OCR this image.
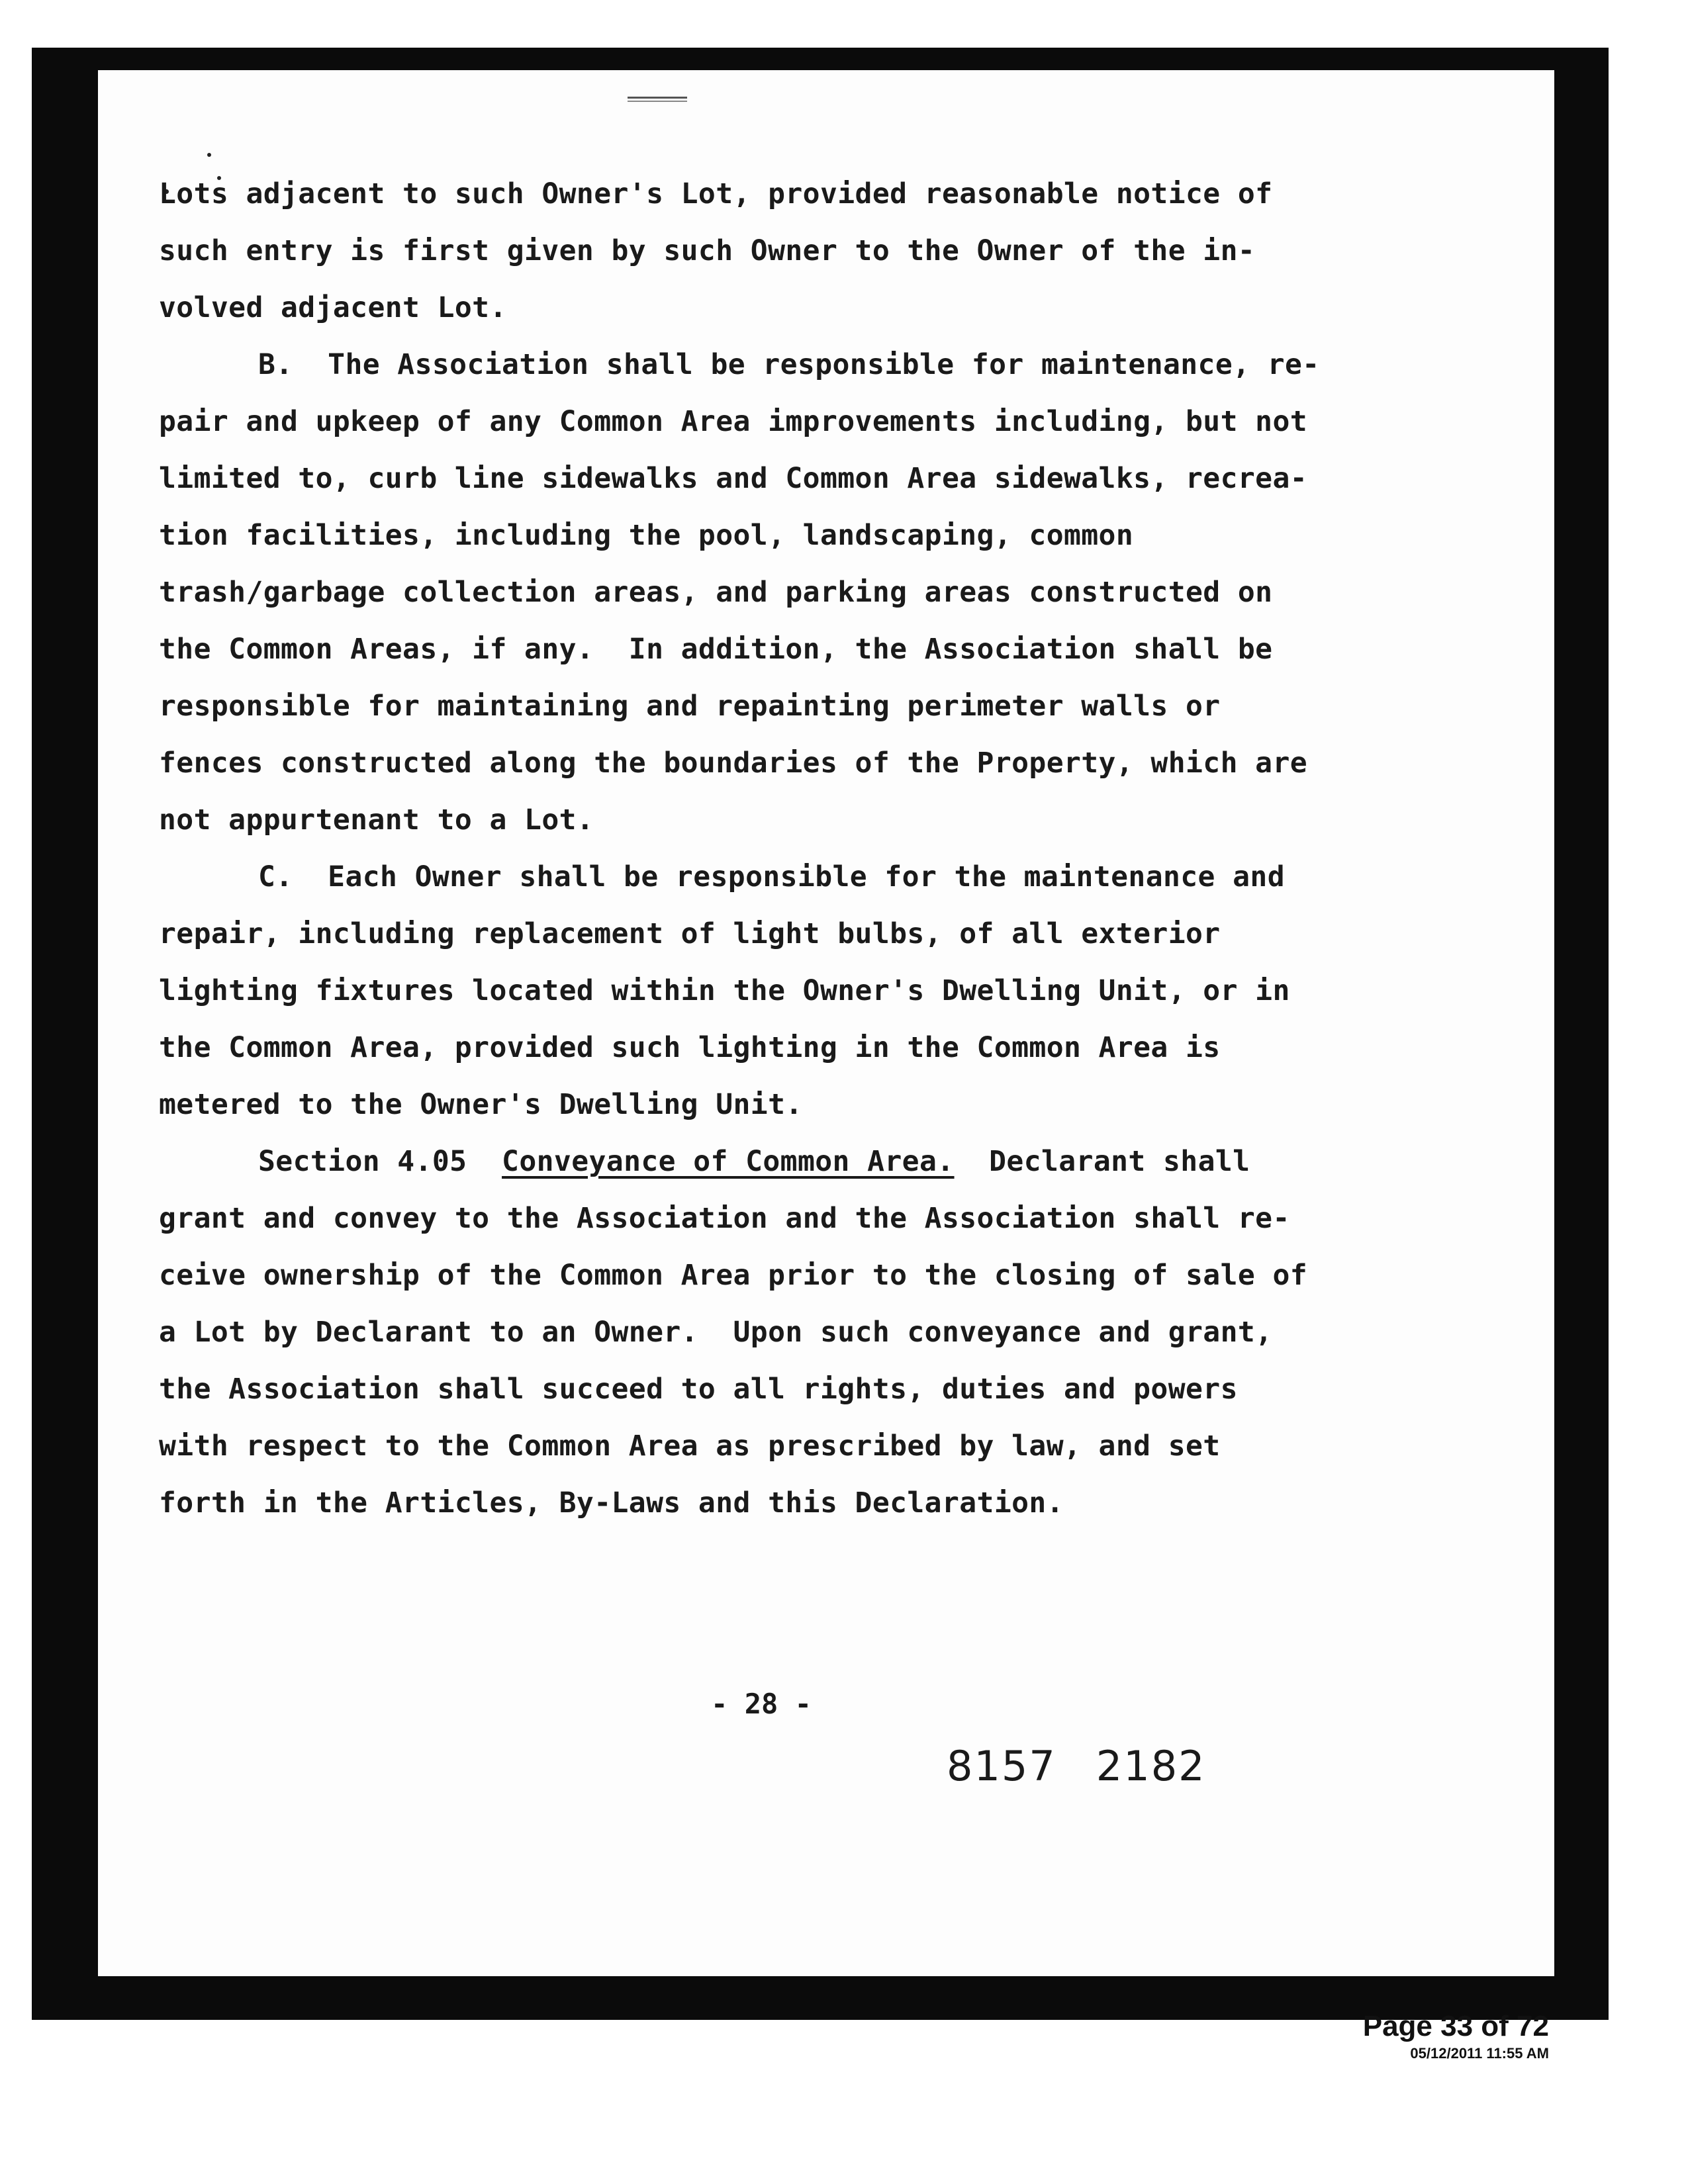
Lots adjacent to such Owner's Lot, provided reasonable notice of
such entry is first given by such Owner to the Owner of the in-
volved adjacent Lot.
B.  The Association shall be responsible for maintenance, re-
pair and upkeep of any Common Area improvements including, but not
limited to, curb line sidewalks and Common Area sidewalks, recrea-
tion facilities, including the pool, landscaping, common
trash/garbage collection areas, and parking areas constructed on
the Common Areas, if any.  In addition, the Association shall be
responsible for maintaining and repainting perimeter walls or
fences constructed along the boundaries of the Property, which are
not appurtenant to a Lot.
C.  Each Owner shall be responsible for the maintenance and
repair, including replacement of light bulbs, of all exterior
lighting fixtures located within the Owner's Dwelling Unit, or in
the Common Area, provided such lighting in the Common Area is
metered to the Owner's Dwelling Unit.
Section 4.05 Conveyance of Common Area. Declarant shall
grant and convey to the Association and the Association shall re-
ceive ownership of the Common Area prior to the closing of sale of
a Lot by Declarant to an Owner.  Upon such conveyance and grant,
the Association shall succeed to all rights, duties and powers
with respect to the Common Area as prescribed by law, and set
forth in the Articles, By-Laws and this Declaration.
- 28 -
8157 2182
Page 33 of 72
05/12/2011 11:55 AM
